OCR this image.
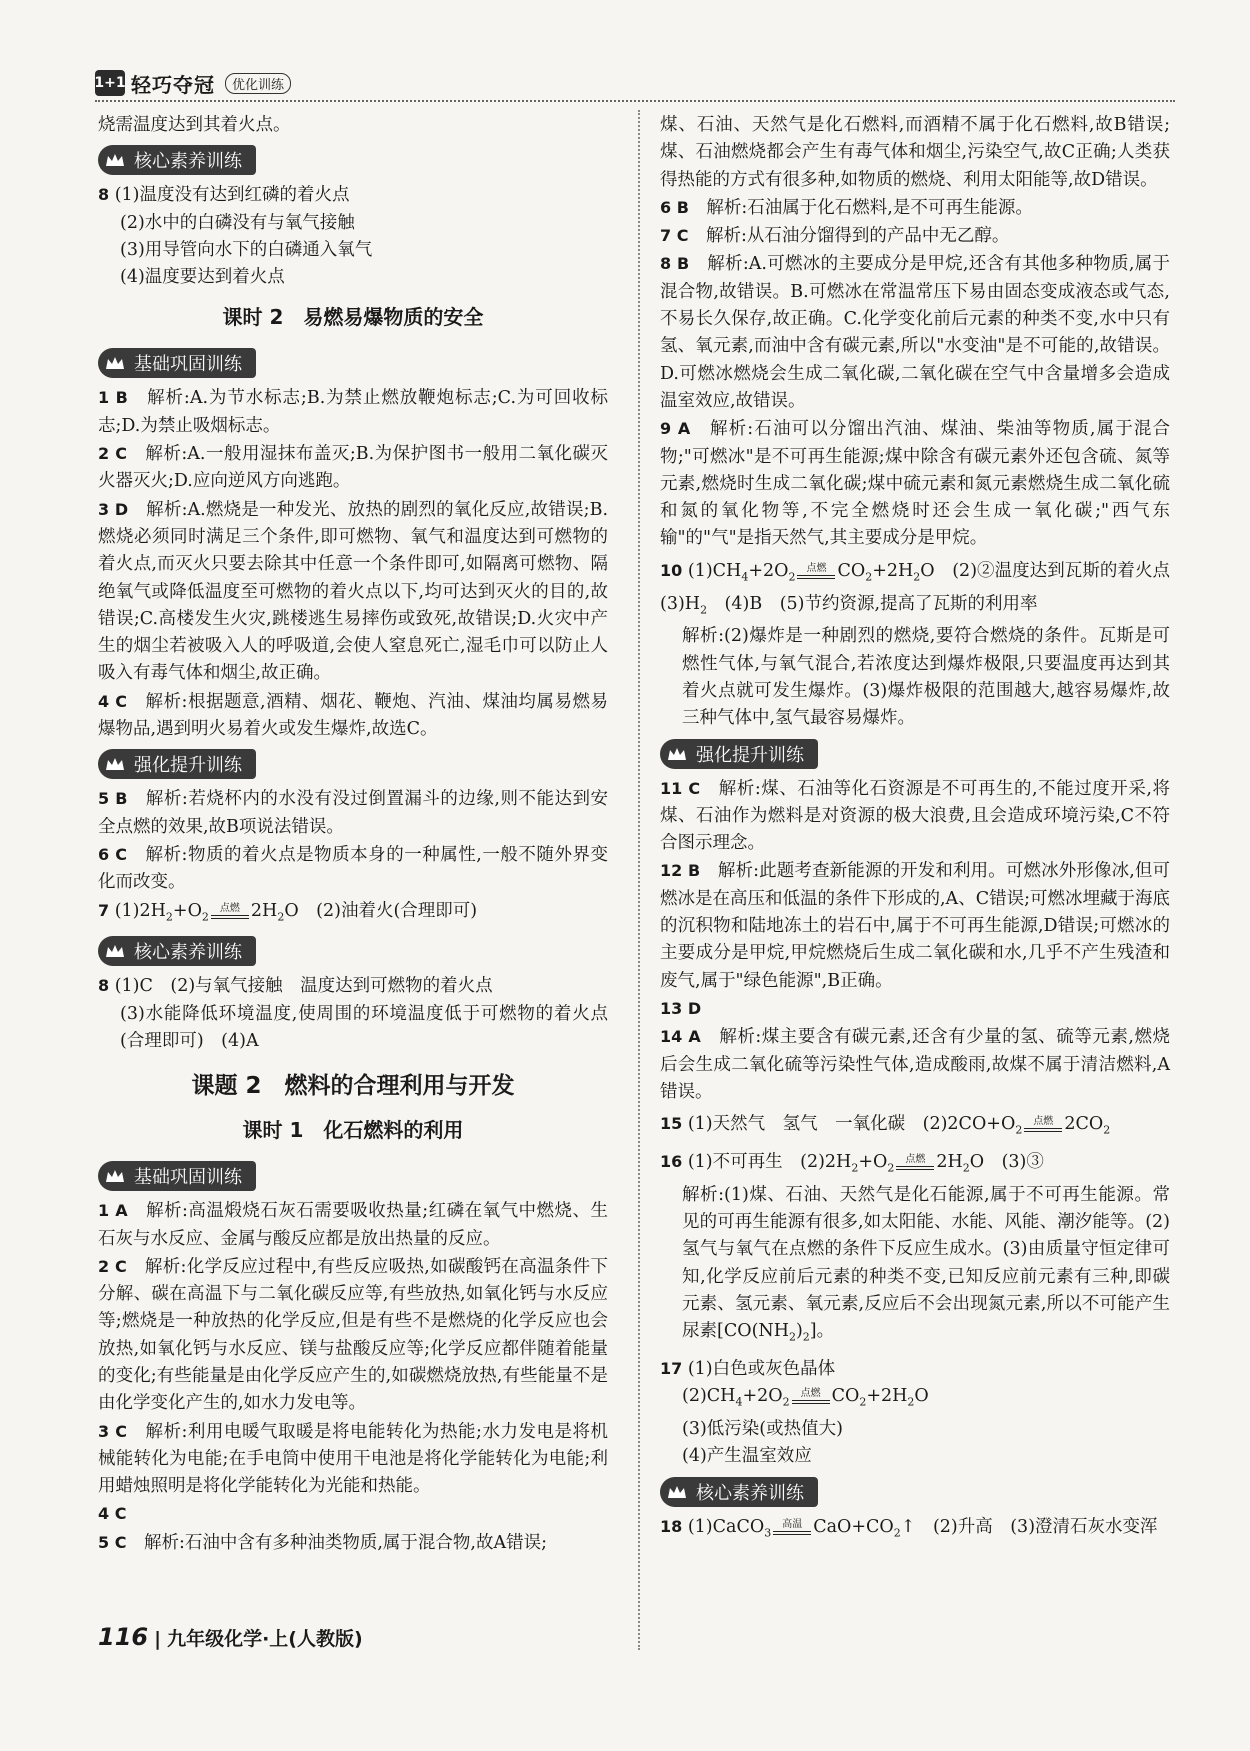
1+1 轻巧夺冠	优化训练

烧需温度达到其着火点。

核心素养训练

8 (1)温度没有达到红磷的着火点

(2)水中的白磷没有与氧气接触

(3)用导管向水下的白磷通入氧气

(4)温度要达到着火点

课时 2　易燃易爆物质的安全
基础巩固训练

1 B　 解析:A.为节水标志;B.为禁止燃放鞭炮标志;C.为可回收标志;D.为禁止吸烟标志。

2 C　 解析:A.一般用湿抹布盖灭;B.为保护图书一般用二氧化碳灭火器灭火;D.应向逆风方向逃跑。

3 D　 解析:A.燃烧是一种发光、放热的剧烈的氧化反应,故错误;B.燃烧必须同时满足三个条件,即可燃物、氧气和温度达到可燃物的着火点,而灭火只要去除其中任意一个条件即可,如隔离可燃物、隔绝氧气或降低温度至可燃物的着火点以下,均可达到灭火的目的,故错误;C.高楼发生火灾,跳楼逃生易摔伤或致死,故错误;D.火灾中产生的烟尘若被吸入人的呼吸道,会使人窒息死亡,湿毛巾可以防止人吸入有毒气体和烟尘,故正确。

4 C　 解析:根据题意,酒精、烟花、鞭炮、汽油、煤油均属易燃易爆物品,遇到明火易着火或发生爆炸,故选C。

强化提升训练

5 B　 解析:若烧杯内的水没有没过倒置漏斗的边缘,则不能达到安全点燃的效果,故B项说法错误。

6 C　 解析:物质的着火点是物质本身的一种属性,一般不随外界变化而改变。

7 $(1)2H_2+O_2$
点燃 $2H_2O$　(2)油着火(合理即可)

核心素养训练

8 (1)C　(2)与氧气接触　温度达到可燃物的着火点

(3)水能降低环境温度,使周围的环境温度低于可燃物的着火点(合理即可)　(4)A

课题 2　燃料的合理利用与开发
课时 1　化石燃料的利用
基础巩固训练

1 A　 解析:高温煅烧石灰石需要吸收热量;红磷在氧气中燃烧、生石灰与水反应、金属与酸反应都是放出热量的反应。

2 C　 解析:化学反应过程中,有些反应吸热,如碳酸钙在高温条件下分解、碳在高温下与二氧化碳反应等,有些放热,如氧化钙与水反应等;燃烧是一种放热的化学反应,但是有些不是燃烧的化学反应也会放热,如氧化钙与水反应、镁与盐酸反应等;化学反应都伴随着能量的变化;有些能量是由化学反应产生的,如碳燃烧放热,有些能量不是由化学变化产生的,如水力发电等。

3 C　 解析:利用电暖气取暖是将电能转化为热能;水力发电是将机械能转化为电能;在手电筒中使用干电池是将化学能转化为电能;利用蜡烛照明是将化学能转化为光能和热能。

4 C

5 C　 解析:石油中含有多种油类物质,属于混合物,故A错误;

煤、石油、天然气是化石燃料,而酒精不属于化石燃料,故B错误;煤、石油燃烧都会产生有毒气体和烟尘,污染空气,故C正确;人类获得热能的方式有很多种,如物质的燃烧、利用太阳能等,故D错误。

6 B　 解析:石油属于化石燃料,是不可再生能源。

7 C　 解析:从石油分馏得到的产品中无乙醇。

8 B　 解析:A.可燃冰的主要成分是甲烷,还含有其他多种物质,属于混合物,故错误。B.可燃冰在常温常压下易由固态变成液态或气态,不易长久保存,故正确。C.化学变化前后元素的种类不变,水中只有氢、氧元素,而油中含有碳元素,所以"水变油"是不可能的,故错误。D.可燃冰燃烧会生成二氧化碳,二氧化碳在空气中含量增多会造成温室效应,故错误。

9 A　 解析:石油可以分馏出汽油、煤油、柴油等物质,属于混合物;"可燃冰"是不可再生能源;煤中除含有碳元素外还包含硫、氮等元素,燃烧时生成二氧化碳;煤中硫元素和氮元素燃烧生成二氧化硫和氮的氧化物等,不完全燃烧时还会生成一氧化碳;"西气东输"的"气"是指天然气,其主要成分是甲烷。

10 $(1)CH_4+2O_2$
点燃 $CO_2+2H_2O$　(2)②温度达到瓦斯的着火点　$(3)H_2$　(4)B　(5)节约资源,提高了瓦斯的利用率

解析:(2)爆炸是一种剧烈的燃烧,要符合燃烧的条件。瓦斯是可燃性气体,与氧气混合,若浓度达到爆炸极限,只要温度再达到其着火点就可发生爆炸。(3)爆炸极限的范围越大,越容易爆炸,故三种气体中,氢气最容易爆炸。

强化提升训练

11 C　 解析:煤、石油等化石资源是不可再生的,不能过度开采,将煤、石油作为燃料是对资源的极大浪费,且会造成环境污染,C不符合图示理念。

12 B　 解析:此题考查新能源的开发和利用。可燃冰外形像冰,但可燃冰是在高压和低温的条件下形成的,A、C错误;可燃冰埋藏于海底的沉积物和陆地冻土的岩石中,属于不可再生能源,D错误;可燃冰的主要成分是甲烷,甲烷燃烧后生成二氧化碳和水,几乎不产生残渣和废气,属于"绿色能源",B正确。

13 D

14 A　 解析:煤主要含有碳元素,还含有少量的氢、硫等元素,燃烧后会生成二氧化硫等污染性气体,造成酸雨,故煤不属于清洁燃料,A错误。

15 (1)天然气　氢气　一氧化碳　$(2)2CO+O_2$
点燃 $2CO_2$

16 (1)不可再生　$(2)2H_2+O_2$
点燃 $2H_2O$　(3)③

解析:(1)煤、石油、天然气是化石能源,属于不可再生能源。常见的可再生能源有很多,如太阳能、水能、风能、潮汐能等。(2)氢气与氧气在点燃的条件下反应生成水。(3)由质量守恒定律可知,化学反应前后元素的种类不变,已知反应前元素有三种,即碳元素、氢元素、氧元素,反应后不会出现氮元素,所以不可能产生尿素$[CO(NH_2)_2]$。

17 (1)白色或灰色晶体

$(2)CH_4+2O_2$
点燃 $CO_2+2H_2O$

(3)低污染(或热值大)

(4)产生温室效应

核心素养训练

18 (1)CaCO$_3$
高温 $CaO+CO_2↑$　(2)升高　(3)澄清石灰水变浑

116 | 九年级化学·上(人教版)
